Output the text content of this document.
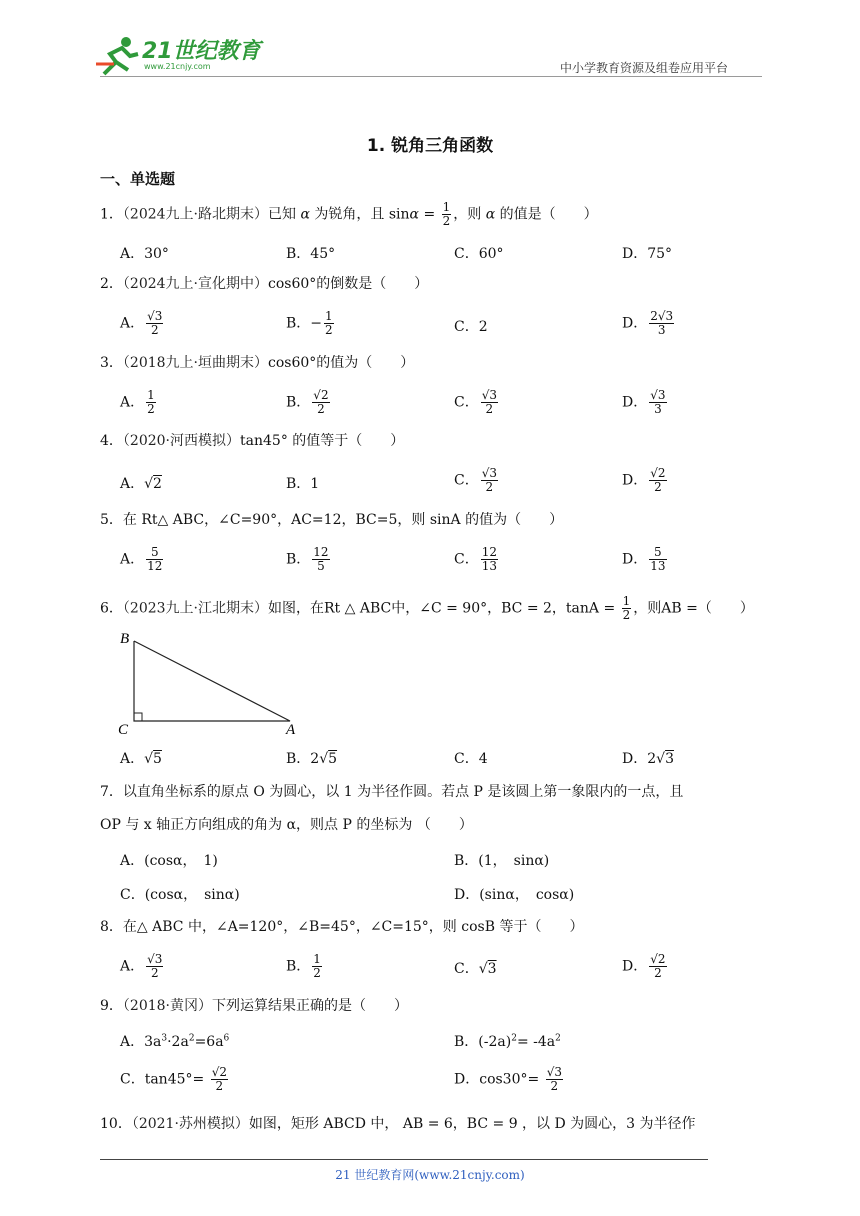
21世纪教育
www.21cnjy.com	中小学教育资源及组卷应用平台
1. 锐角三角函数
一、单选题
1．（2024九上·路北期末）已知 α 为锐角，且 $\sin\alpha = \frac{1}{2}$ ，则 α 的值是（　　）
A．30°	B．45°	C．60°	D．75°
2．（2024九上·宣化期中）cos60°的倒数是（　　）
A． $\frac{√3}{2}$	B．− $\frac{1}{2}$	C．2	D． $\frac{2√3}{3}$
3．（2018九上·垣曲期末）cos60°的值为（　　）
A． $\frac{1}{2}$	B． $\frac{√2}{2}$	C． $\frac{√3}{2}$	D． $\frac{√3}{3}$
4．（2020·河西模拟）tan45° 的值等于（　　）
A．√2	B．1	C． $\frac{√3}{2}$	D． $\frac{√2}{2}$
5．在 Rt△ ABC，∠C=90°，AC=12，BC=5，则 sinA 的值为（　　）
A． $\frac{5}{12}$	B． $\frac{12}{5}$	C． $\frac{12}{13}$	D． $\frac{5}{13}$
6．（2023九上·江北期末）如图，在Rt △ ABC中，∠C = 90°，BC = 2，$\tan A = \frac{1}{2}$ ，则AB =（　　）
B
C	A
A．√5	B．2√5	C．4	D．2√3
7．以直角坐标系的原点 O 为圆心，以 1 为半径作圆。若点 P 是该圆上第一象限内的一点，且
OP 与 x 轴正方向组成的角为 α，则点 P 的坐标为 （　　）
A．(cosα，　1)	B．(1，　sinα)
C．(cosα，　sinα)	D．(sinα，　cosα)
8．在△ ABC 中，∠A=120°，∠B=45°，∠C=15°，则 cosB 等于（　　）
A． $\frac{√3}{2}$	B． $\frac{1}{2}$	C．√3	D． $\frac{√2}{2}$
9．（2018·黄冈）下列运算结果正确的是（　　）
A．$3a^3\cdot 2a^2=6a^6$	B．$(-2a)^2= -4a^2$
C．$\tan 45^\circ= \frac{√2}{2}$	D．$\cos 30^\circ= \frac{√3}{2}$
10．（2021·苏州模拟）如图，矩形 ABCD 中， AB = 6，BC = 9 ，以 D 为圆心，3 为半径作
21 世纪教育网(www.21cnjy.com)
